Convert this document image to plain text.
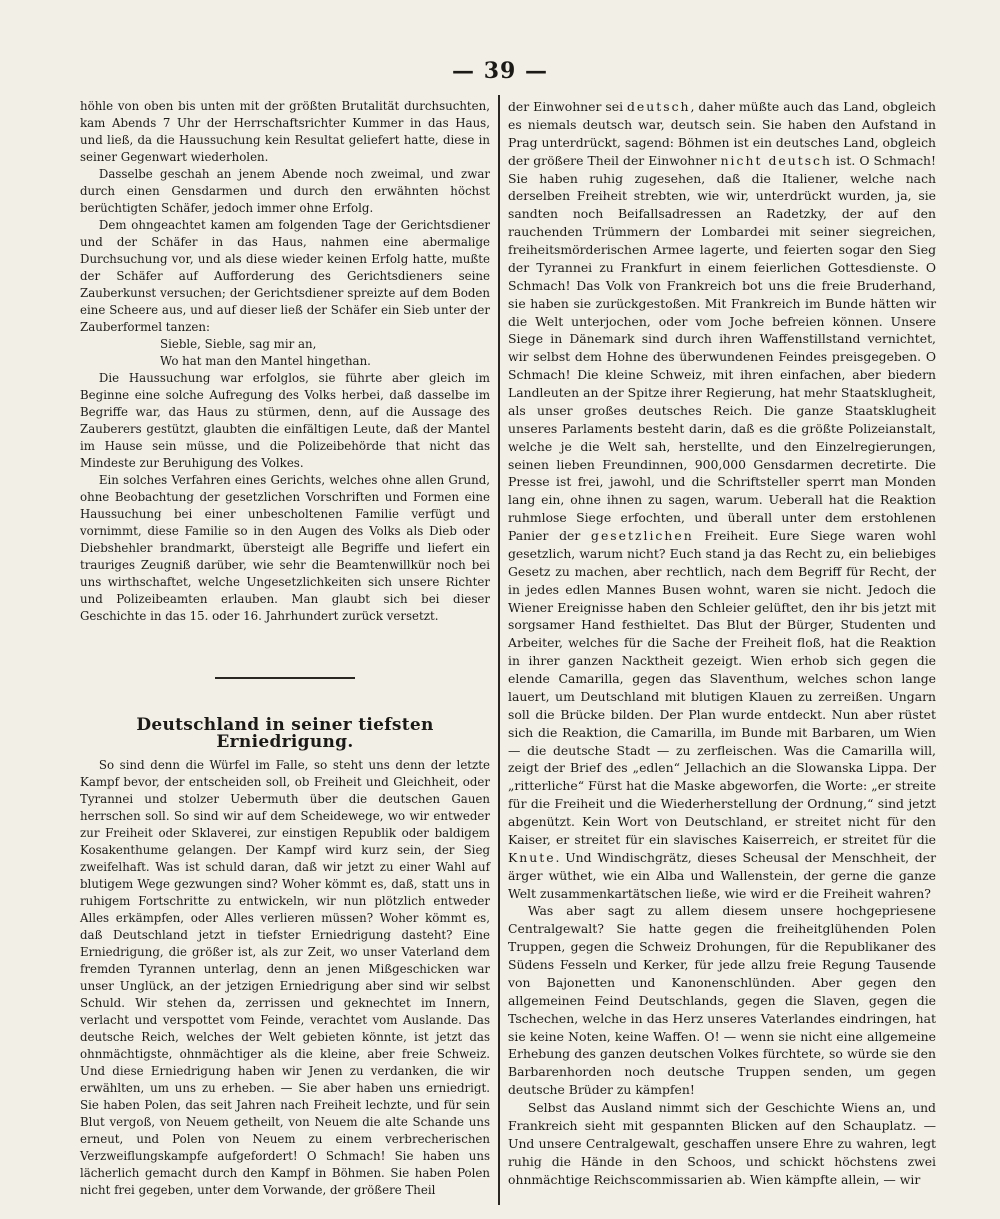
— 39 —

höhle von oben bis unten mit der größten Brutalität durchsuchten, kam Abends 7 Uhr der Herrschaftsrichter Kummer in das Haus, und ließ, da die Haussuchung kein Resultat geliefert hatte, diese in seiner Gegenwart wiederholen.

Dasselbe geschah an jenem Abende noch zweimal, und zwar durch einen Gensdarmen und durch den erwähnten höchst berüchtigten Schäfer, jedoch immer ohne Erfolg.

Dem ohngeachtet kamen am folgenden Tage der Gerichtsdiener und der Schäfer in das Haus, nahmen eine abermalige Durchsuchung vor, und als diese wieder keinen Erfolg hatte, mußte der Schäfer auf Aufforderung des Gerichtsdieners seine Zauberkunst versuchen; der Gerichtsdiener spreizte auf dem Boden eine Scheere aus, und auf dieser ließ der Schäfer ein Sieb unter der Zauberformel tanzen:

Sieble, Sieble, sag mir an,
Wo hat man den Mantel hingethan.

Die Haussuchung war erfolglos, sie führte aber gleich im Beginne eine solche Aufregung des Volks herbei, daß dasselbe im Begriffe war, das Haus zu stürmen, denn, auf die Aussage des Zauberers gestützt, glaubten die einfältigen Leute, daß der Mantel im Hause sein müsse, und die Polizeibehörde that nicht das Mindeste zur Beruhigung des Volkes.

Ein solches Verfahren eines Gerichts, welches ohne allen Grund, ohne Beobachtung der gesetzlichen Vorschriften und Formen eine Haussuchung bei einer unbescholtenen Familie verfügt und vornimmt, diese Familie so in den Augen des Volks als Dieb oder Diebshehler brandmarkt, übersteigt alle Begriffe und liefert ein trauriges Zeugniß darüber, wie sehr die Beamtenwillkür noch bei uns wirthschaftet, welche Ungesetzlichkeiten sich unsere Richter und Polizeibeamten erlauben. Man glaubt sich bei dieser Geschichte in das 15. oder 16. Jahrhundert zurück versetzt.

Deutschland in seiner tiefsten Erniedrigung.

So sind denn die Würfel im Falle, so steht uns denn der letzte Kampf bevor, der entscheiden soll, ob Freiheit und Gleichheit, oder Tyrannei und stolzer Uebermuth über die deutschen Gauen herrschen soll. So sind wir auf dem Scheidewege, wo wir entweder zur Freiheit oder Sklaverei, zur einstigen Republik oder baldigem Kosakenthume gelangen. Der Kampf wird kurz sein, der Sieg zweifelhaft. Was ist schuld daran, daß wir jetzt zu einer Wahl auf blutigem Wege gezwungen sind? Woher kömmt es, daß, statt uns in ruhigem Fortschritte zu entwickeln, wir nun plötzlich entweder Alles erkämpfen, oder Alles verlieren müssen? Woher kömmt es, daß Deutschland jetzt in tiefster Erniedrigung dasteht? Eine Erniedrigung, die größer ist, als zur Zeit, wo unser Vaterland dem fremden Tyrannen unterlag, denn an jenen Mißgeschicken war unser Unglück, an der jetzigen Erniedrigung aber sind wir selbst Schuld. Wir stehen da, zerrissen und geknechtet im Innern, verlacht und verspottet vom Feinde, verachtet vom Auslande. Das deutsche Reich, welches der Welt gebieten könnte, ist jetzt das ohnmächtigste, ohnmächtiger als die kleine, aber freie Schweiz. Und diese Erniedrigung haben wir Jenen zu verdanken, die wir erwählten, um uns zu erheben. — Sie aber haben uns erniedrigt. Sie haben Polen, das seit Jahren nach Freiheit lechzte, und für sein Blut vergoß, von Neuem getheilt, von Neuem die alte Schande uns erneut, und Polen von Neuem zu einem verbrecherischen Verzweiflungskampfe aufgefordert! O Schmach! Sie haben uns lächerlich gemacht durch den Kampf in Böhmen. Sie haben Polen nicht frei gegeben, unter dem Vorwande, der größere Theil

der Einwohner sei deutsch, daher müßte auch das Land, obgleich es niemals deutsch war, deutsch sein. Sie haben den Aufstand in Prag unterdrückt, sagend: Böhmen ist ein deutsches Land, obgleich der größere Theil der Einwohner nicht deutsch ist. O Schmach! Sie haben ruhig zugesehen, daß die Italiener, welche nach derselben Freiheit strebten, wie wir, unterdrückt wurden, ja, sie sandten noch Beifallsadressen an Radetzky, der auf den rauchenden Trümmern der Lombardei mit seiner siegreichen, freiheitsmörderischen Armee lagerte, und feierten sogar den Sieg der Tyrannei zu Frankfurt in einem feierlichen Gottesdienste. O Schmach! Das Volk von Frankreich bot uns die freie Bruderhand, sie haben sie zurückgestoßen. Mit Frankreich im Bunde hätten wir die Welt unterjochen, oder vom Joche befreien können. Unsere Siege in Dänemark sind durch ihren Waffenstillstand vernichtet, wir selbst dem Hohne des überwundenen Feindes preisgegeben. O Schmach! Die kleine Schweiz, mit ihren einfachen, aber biedern Landleuten an der Spitze ihrer Regierung, hat mehr Staatsklugheit, als unser großes deutsches Reich. Die ganze Staatsklugheit unseres Parlaments besteht darin, daß es die größte Polizeianstalt, welche je die Welt sah, herstellte, und den Einzelregierungen, seinen lieben Freundinnen, 900,000 Gensdarmen decretirte. Die Presse ist frei, jawohl, und die Schriftsteller sperrt man Monden lang ein, ohne ihnen zu sagen, warum. Ueberall hat die Reaktion ruhmlose Siege erfochten, und überall unter dem erstohlenen Panier der gesetzlichen Freiheit. Eure Siege waren wohl gesetzlich, warum nicht? Euch stand ja das Recht zu, ein beliebiges Gesetz zu machen, aber rechtlich, nach dem Begriff für Recht, der in jedes edlen Mannes Busen wohnt, waren sie nicht. Jedoch die Wiener Ereignisse haben den Schleier gelüftet, den ihr bis jetzt mit sorgsamer Hand festhieltet. Das Blut der Bürger, Studenten und Arbeiter, welches für die Sache der Freiheit floß, hat die Reaktion in ihrer ganzen Nacktheit gezeigt. Wien erhob sich gegen die elende Camarilla, gegen das Slaventhum, welches schon lange lauert, um Deutschland mit blutigen Klauen zu zerreißen. Ungarn soll die Brücke bilden. Der Plan wurde entdeckt. Nun aber rüstet sich die Reaktion, die Camarilla, im Bunde mit Barbaren, um Wien — die deutsche Stadt — zu zerfleischen. Was die Camarilla will, zeigt der Brief des „edlen“ Jellachich an die Slowanska Lippa. Der „ritterliche“ Fürst hat die Maske abgeworfen, die Worte: „er streite für die Freiheit und die Wiederherstellung der Ordnung,“ sind jetzt abgenützt. Kein Wort von Deutschland, er streitet nicht für den Kaiser, er streitet für ein slavisches Kaiserreich, er streitet für die Knute. Und Windischgrätz, dieses Scheusal der Menschheit, der ärger wüthet, wie ein Alba und Wallenstein, der gerne die ganze Welt zusammenkartätschen ließe, wie wird er die Freiheit wahren?

Was aber sagt zu allem diesem unsere hochgepriesene Centralgewalt? Sie hatte gegen die freiheitglühenden Polen Truppen, gegen die Schweiz Drohungen, für die Republikaner des Südens Fesseln und Kerker, für jede allzu freie Regung Tausende von Bajonetten und Kanonenschlünden. Aber gegen den allgemeinen Feind Deutschlands, gegen die Slaven, gegen die Tschechen, welche in das Herz unseres Vaterlandes eindringen, hat sie keine Noten, keine Waffen. O! — wenn sie nicht eine allgemeine Erhebung des ganzen deutschen Volkes fürchtete, so würde sie den Barbarenhorden noch deutsche Truppen senden, um gegen deutsche Brüder zu kämpfen!

Selbst das Ausland nimmt sich der Geschichte Wiens an, und Frankreich sieht mit gespannten Blicken auf den Schauplatz. — Und unsere Centralgewalt, geschaffen unsere Ehre zu wahren, legt ruhig die Hände in den Schoos, und schickt höchstens zwei ohnmächtige Reichscommissarien ab. Wien kämpfte allein, — wir
